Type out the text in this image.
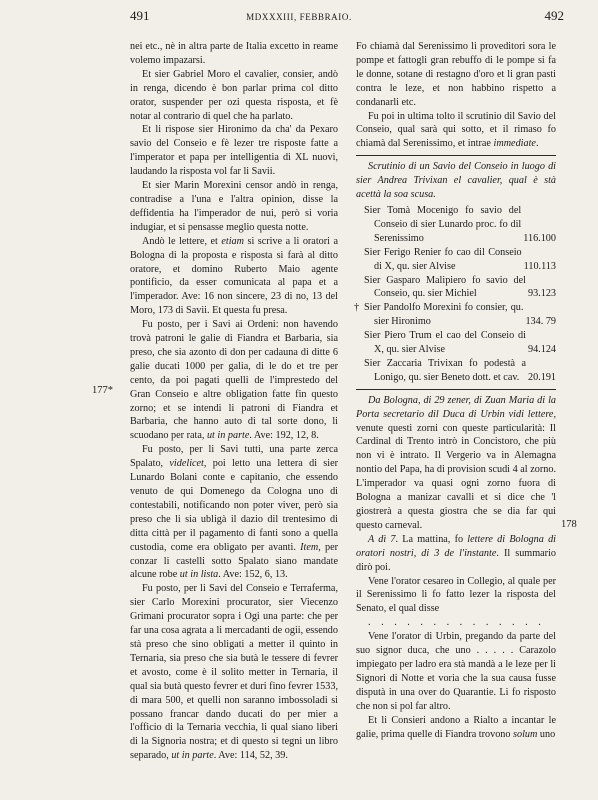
491	MDXXXIII, FEBBRAIO.	492
177*
178

nei etc., nè in altra parte de Italia excetto in reame volemo impazarsi.

Et sier Gabriel Moro el cavalier, consier, andò in renga, dicendo è bon parlar prima col ditto orator, suspender per ozi questa risposta, et fè notar al contrario di quel che ha parlato.

Et li rispose sier Hironimo da cha' da Pexaro savio del Conseio e fè lezer tre risposte fatte a l'imperator et papa per intelligentia di XL nuovi, laudando la risposta vol far li Savii.

Et sier Marin Morexini censor andò in renga, contradise a l'una e l'altra opinion, disse la deffidentia ha l'imperador de nui, però si voria indugiar, et si pensasse meglio questa notte.

Andò le lettere, et etiam si scrive a li oratori a Bologna di la proposta e risposta si farà al ditto oratore, et domino Ruberto Maio agente pontificio, da esser comunicata al papa et a l'imperador. Ave: 16 non sincere, 23 di no, 13 del Moro, 173 di Savii. Et questa fu presa.

Fu posto, per i Savi ai Ordeni: non havendo trovà patroni le galie di Fiandra et Barbaria, sia preso, che sia azonto di don per cadauna di ditte 6 galie ducati 1000 per galia, di le do et tre per cento, da poi pagati quelli de l'imprestedo del Gran Conseio e altre obligation fatte fin questo zorno; et se intendi li patroni di Fiandra et Barbaria, che hanno auto di tal sorte dono, li scuodano per rata, ut in parte. Ave: 192, 12, 8.

Fu posto, per li Savi tutti, una parte zerca Spalato, videlicet, poi letto una lettera di sier Lunardo Bolani conte e capitanio, che essendo venuto de qui Domenego da Cologna uno di contestabili, notificando non poter viver, però sia preso che li sia ubligà il dazio dil trentesimo di ditta città per il pagamento di fanti sono a quella custodia, come era obligato per avanti. Item, per conzar li castelli sotto Spalato siano mandate alcune robe ut in lista. Ave: 152, 6, 13.

Fu posto, per li Savi del Conseio e Terraferma, sier Carlo Morexini procurator, sier Viecenzo Grimani procurator sopra i Ogi una parte: che per far una cosa agrata a li mercadanti de ogii, essendo stà preso che sino obligati a metter il quinto in Ternaria, sia preso che sia butà le tessere di fevrer et avosto, come è il solito metter in Ternaria, il qual sia butà questo fevrer et duri fino fevrer 1533, di mara 500, et quelli non saranno imbossoladi si possano francar dando ducati do per mier a l'officio di la Ternaria vecchia, li qual siano liberi di la Signoria nostra; et di questo si tegni un libro separado, ut in parte. Ave: 114, 52, 39.

Fo chiamà dal Serenissimo li proveditori sora le pompe et fattogli gran rebuffo di le pompe si fa le donne, sotane di restagno d'oro et li gran pasti contra le leze, et non habbino rispetto a condanarli etc.

Fu poi in ultima tolto il scrutinio dil Savio del Conseio, qual sarà qui sotto, et il rimaso fo chiamà dal Serenissimo, et intrae immediate.

Scrutinio di un Savio del Conseio in luogo di sier Andrea Trivixan el cavalier, qual è stà acettà la soa scusa.

Sier Tomà Mocenigo fo savio del Conseio di sier Lunardo proc. fo dil Serenissimo	116.100
Sier Ferigo Renier fo cao dil Conseio di X, qu. sier Alvise	110.113
Sier Gasparo Malipiero fo savio del Conseio, qu. sier Michiel	93.123
† Sier Pandolfo Morexini fo consier, qu. sier Hironimo	134. 79
Sier Piero Trum el cao del Conseio di X, qu. sier Alvise	94.124
Sier Zaccaria Trivixan fo podestà a Lonigo, qu. sier Beneto dott. et cav. 20.191

Da Bologna, di 29 zener, di Zuan Maria di la Porta secretario dil Duca di Urbin vidi lettere, venute questi zorni con queste particularità: Il Cardinal di Trento intrò in Concistoro, che più non vi è intrato. Il Vergerio va in Alemagna nontio del Papa, ha di provision scudi 4 al zorno. L'imperador va quasi ogni zorno fuora di Bologna a manizar cavalli et si dice che 'l giostrerà a questa giostra che se dia far qui questo carneval.

A dì 7. La mattina, fo lettere di Bologna di oratori nostri, di 3 de l'instante. Il summario dirò poi.

Vene l'orator cesareo in Collegio, al quale per il Serenissimo li fo fatto lezer la risposta del Senato, el qual disse

. . . . . . . . . . . . . .

Vene l'orator di Urbin, pregando da parte del suo signor duca, che uno . . . . . Carazolo impiegato per ladro era stà mandà a le leze per li Signori di Notte et voria che la sua causa fusse disputà in una over do Quarantie. Li fo risposto che non si pol far altro.

Et li Consieri andono a Rialto a incantar le galie, prima quelle di Fiandra trovono solum uno
